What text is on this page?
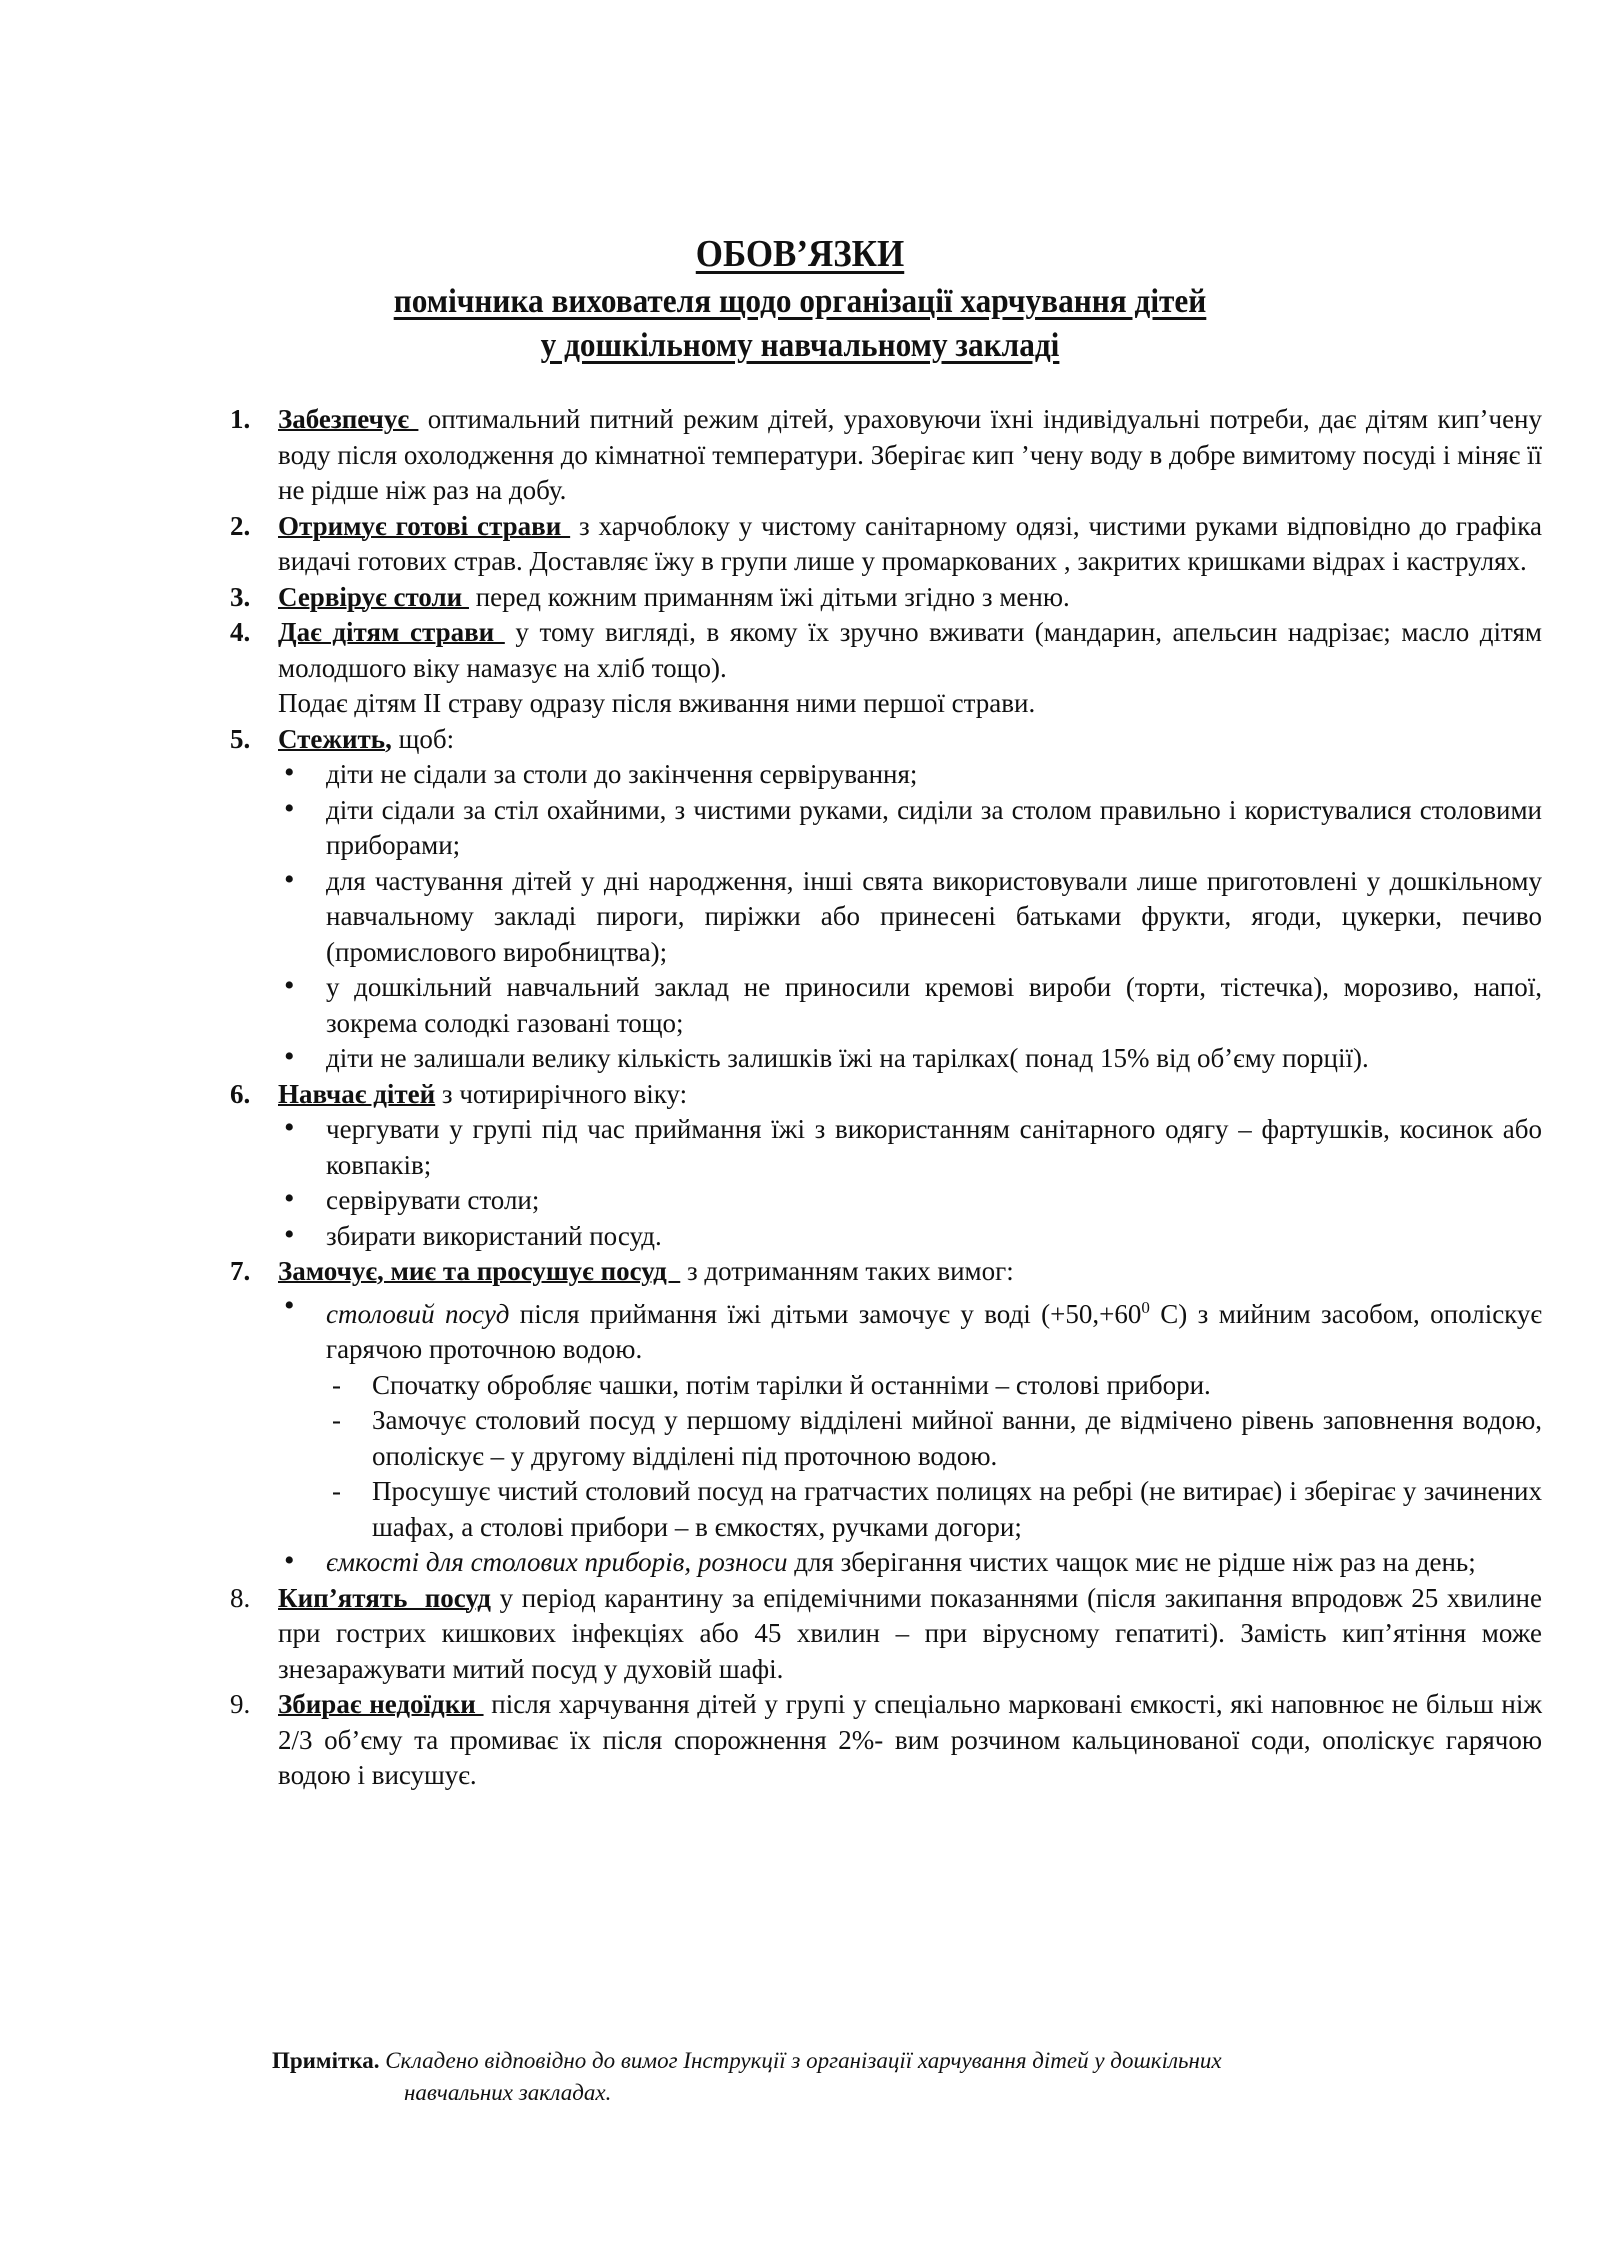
ОБОВ’ЯЗКИ
помічника вихователя щодо організації харчування дітей
у дошкільному навчальному закладі
1. Забезпечує  оптимальний питний режим дітей, ураховуючи їхні індивідуальні потреби, дає дітям кип’чену воду після охолодження до кімнатної температури. Зберігає кип ’чену воду в добре вимитому посуді і міняє її не рідше ніж раз на добу.
2. Отримує готові страви  з харчоблоку у чистому санітарному одязі, чистими руками відповідно до графіка видачі готових страв. Доставляє їжу в групи лише у промаркованих , закритих кришками відрах і каструлях.
3. Сервірує столи  перед кожним приманням їжі дітьми згідно з меню.
4. Дає дітям страви  у тому вигляді, в якому їх зручно вживати (мандарин, апельсин надрізає; масло дітям молодшого віку намазує на хліб тощо).
Подає дітям ІІ страву одразу після вживання ними першої страви.
5. Стежить, щоб:
• діти не сідали за столи до закінчення сервірування;
• діти сідали за стіл охайними, з чистими руками, сиділи за столом правильно і користувалися столовими приборами;
• для частування дітей у дні народження, інші свята використовували лише приготовлені у дошкільному навчальному закладі пироги, пиріжки або принесені батьками фрукти, ягоди, цукерки, печиво (промислового виробництва);
• у дошкільний навчальний заклад не приносили кремові вироби (торти, тістечка), морозиво, напої, зокрема солодкі газовані тощо;
• діти не залишали велику кількість залишків їжі на тарілках( понад 15% від об’єму порції).
6. Навчає дітей з чотирирічного віку:
• чергувати у групі під час приймання їжі з використанням санітарного одягу – фартушків, косинок або ковпаків;
• сервірувати столи;
• збирати використаний посуд.
7. Замочує, миє та просушує посуд   з дотриманням таких вимог:
• столовий посуд після приймання їжі дітьми замочує у воді ($+50,+60^0$ С) з мийним засобом, ополіскує гарячою проточною водою.
- Спочатку обробляє чашки, потім тарілки й останніми – столові прибори.
- Замочує столовий посуд у першому відділені мийної ванни, де відмічено рівень заповнення водою, ополіскує – у другому відділені під проточною водою.
- Просушує чистий столовий посуд на гратчастих полицях на ребрі (не витирає) і зберігає у зачинених шафах, а столові прибори – в ємкостях, ручками догори;
• ємкості для столових приборів, розноси для зберігання чистих чащок миє не рідше ніж раз на день;
8. Кип’ятять  посуд у період карантину за епідемічними показаннями (після закипання впродовж 25 хвилине при гострих кишкових інфекціях або 45 хвилин – при вірусному гепатиті). Замість кип’ятіння може знезаражувати митий посуд у духовій шафі.
9. Збирає недоїдки  після харчування дітей у групі у спеціально марковані ємкості, які наповнює не більш ніж 2/3 об’єму та промиває їх після спорожнення 2%- вим розчином кальцинованої соди, ополіскує гарячою водою і висушує.
Примітка. Складено відповідно до вимог Інструкції з організації харчування дітей у дошкільних
навчальних закладах.
